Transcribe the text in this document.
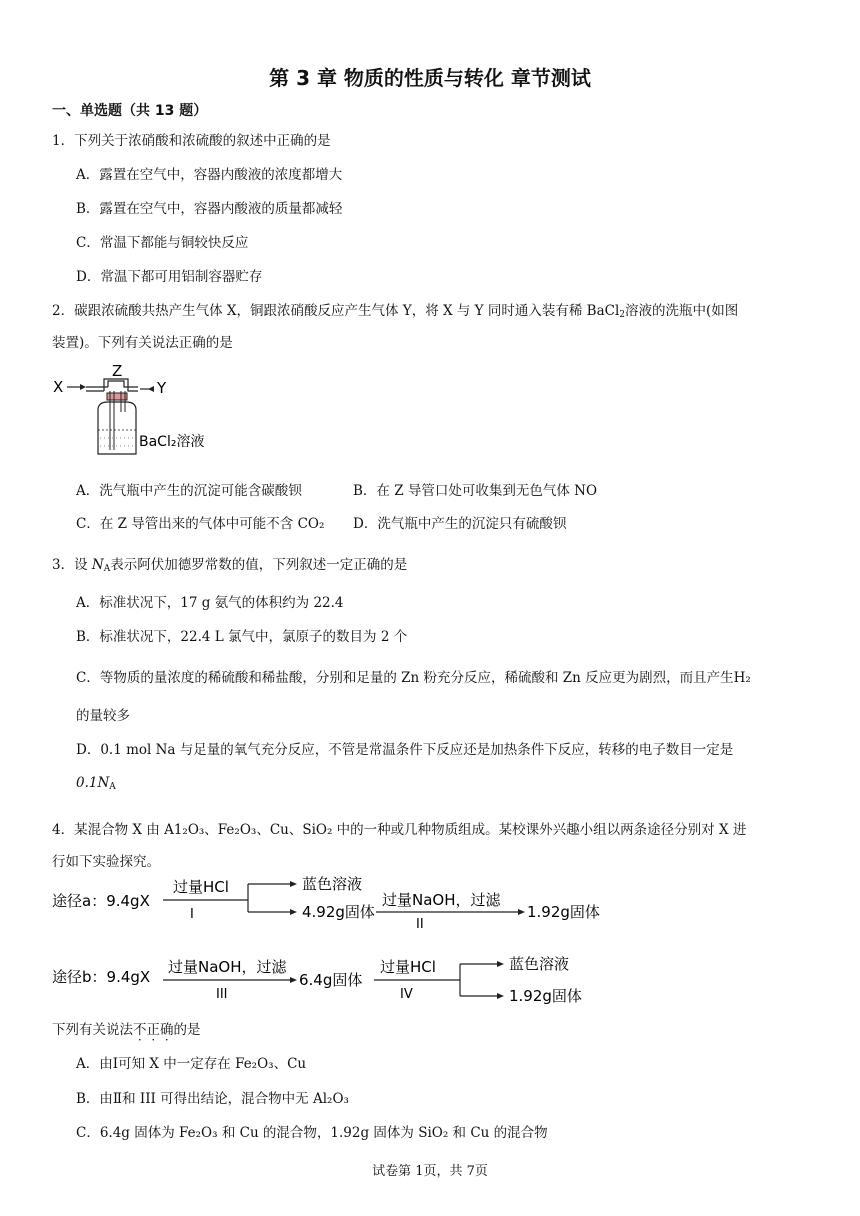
第 3 章 物质的性质与转化 章节测试
一、单选题（共 13 题）
1．下列关于浓硝酸和浓硫酸的叙述中正确的是
A．露置在空气中，容器内酸液的浓度都增大
B．露置在空气中，容器内酸液的质量都减轻
C．常温下都能与铜较快反应
D．常温下都可用铝制容器贮存
2．碳跟浓硫酸共热产生气体 X，铜跟浓硝酸反应产生气体 Y，将 X 与 Y 同时通入装有稀 BaCl$_2$溶液的洗瓶中(如图
装置)。下列有关说法正确的是
X
Z
Y
BaCl₂溶液
A．洗气瓶中产生的沉淀可能含碳酸钡	B．在 Z 导管口处可收集到无色气体 NO
C．在 Z 导管出来的气体中可能不含 CO₂ D．洗气瓶中产生的沉淀只有硫酸钡
3．设 $N_A$表示阿伏加德罗常数的值，下列叙述一定正确的是
A．标准状况下，17 g 氨气的体积约为 22.4
B．标准状况下，22.4 L 氯气中，氯原子的数目为 2 个
C．等物质的量浓度的稀硫酸和稀盐酸，分别和足量的 Zn 粉充分反应，稀硫酸和 Zn 反应更为剧烈，而且产生H₂
的量较多
D．0.1 mol Na 与足量的氧气充分反应，不管是常温条件下反应还是加热条件下反应，转移的电子数目一定是
$0.1N_A$
4．某混合物 X 由 A1₂O₃、Fe₂O₃、Cu、SiO₂ 中的一种或几种物质组成。某校课外兴趣小组以两条途径分别对 X 进
行如下实验探究。
途径a：9.4gX
过量HCl
I
蓝色溶液
4.92g固体
过量NaOH，过滤
II
1.92g固体
途径b：9.4gX
过量NaOH，过滤
III
6.4g固体
过量HCl
IV
蓝色溶液
1.92g固体
下列有关说法不正确的是
A．由Ⅰ可知 X 中一定存在 Fe₂O₃、Cu
B．由Ⅱ和 III 可得出结论，混合物中无 Al₂O₃
C．6.4g 固体为 Fe₂O₃ 和 Cu 的混合物，1.92g 固体为 SiO₂ 和 Cu 的混合物
试卷第 1页，共 7页
